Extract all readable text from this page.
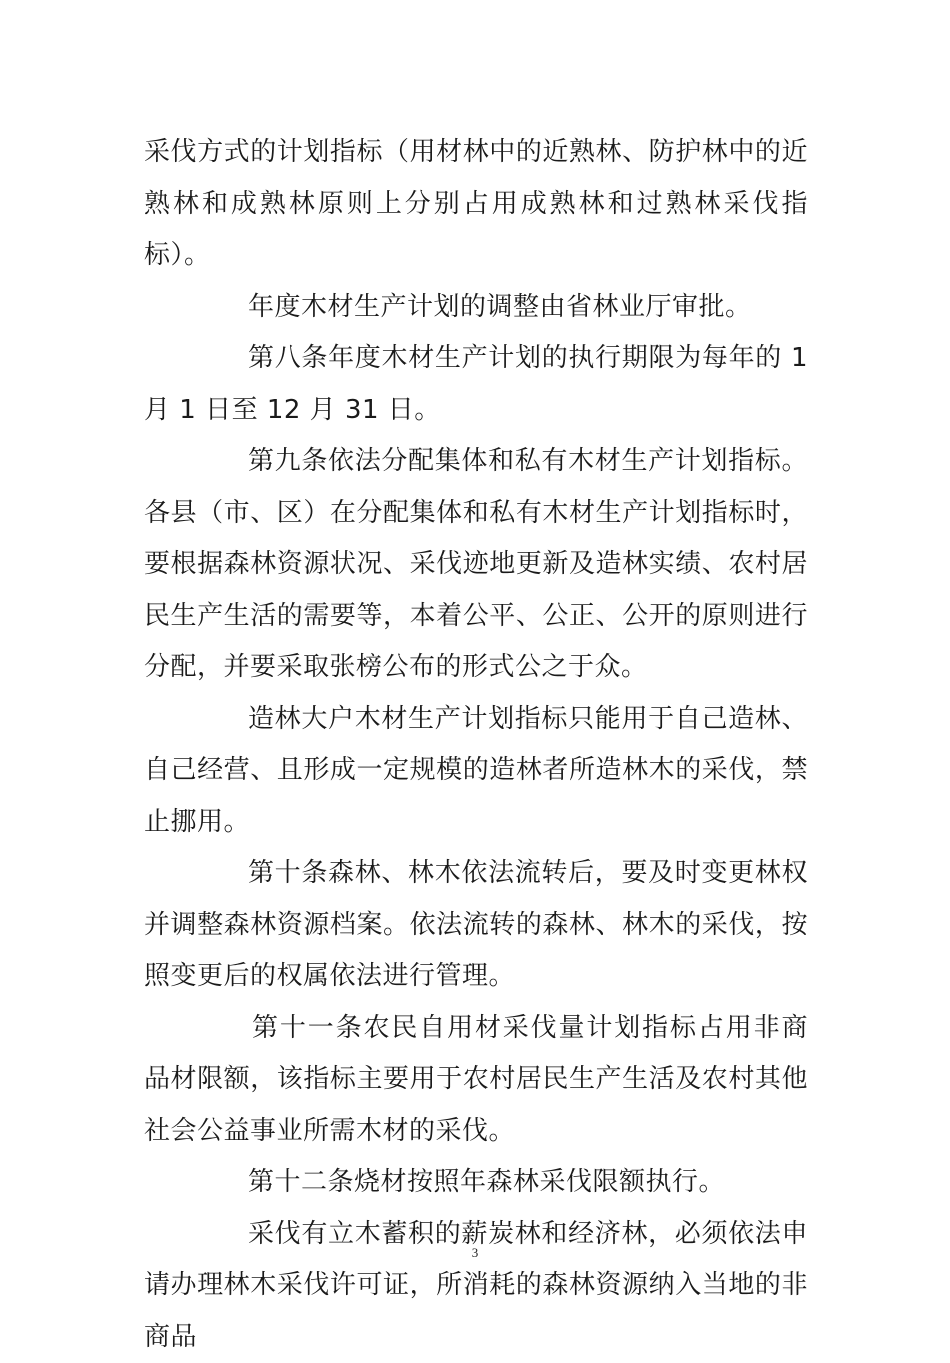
采伐方式的计划指标（用材林中的近熟林、防护林中的近熟林和成熟林原则上分别占用成熟林和过熟林采伐指标）。

年度木材生产计划的调整由省林业厅审批。

第八条年度木材生产计划的执行期限为每年的 1 月 1 日至 12 月 31 日。

第九条依法分配集体和私有木材生产计划指标。各县（市、区）在分配集体和私有木材生产计划指标时，要根据森林资源状况、采伐迹地更新及造林实绩、农村居民生产生活的需要等，本着公平、公正、公开的原则进行分配，并要采取张榜公布的形式公之于众。

造林大户木材生产计划指标只能用于自己造林、自己经营、且形成一定规模的造林者所造林木的采伐，禁止挪用。

第十条森林、林木依法流转后，要及时变更林权并调整森林资源档案。依法流转的森林、林木的采伐，按照变更后的权属依法进行管理。

第十一条农民自用材采伐量计划指标占用非商品材限额，该指标主要用于农村居民生产生活及农村其他社会公益事业所需木材的采伐。

第十二条烧材按照年森林采伐限额执行。

采伐有立木蓄积的薪炭林和经济林，必须依法申请办理林木采伐许可证，所消耗的森林资源纳入当地的非商品

3
